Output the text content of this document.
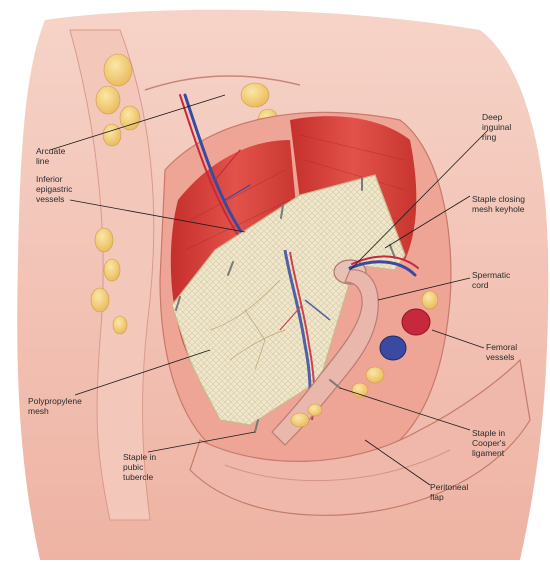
Arcuate
line
Inferior
epigastric
vessels
Polypropylene
mesh
Staple in
pubic
tubercle
Deep
inguinal
ring
Staple closing
mesh keyhole
Spermatic
cord
Femoral
vessels
Staple in
Cooper's
ligament
Peritoneal
flap
